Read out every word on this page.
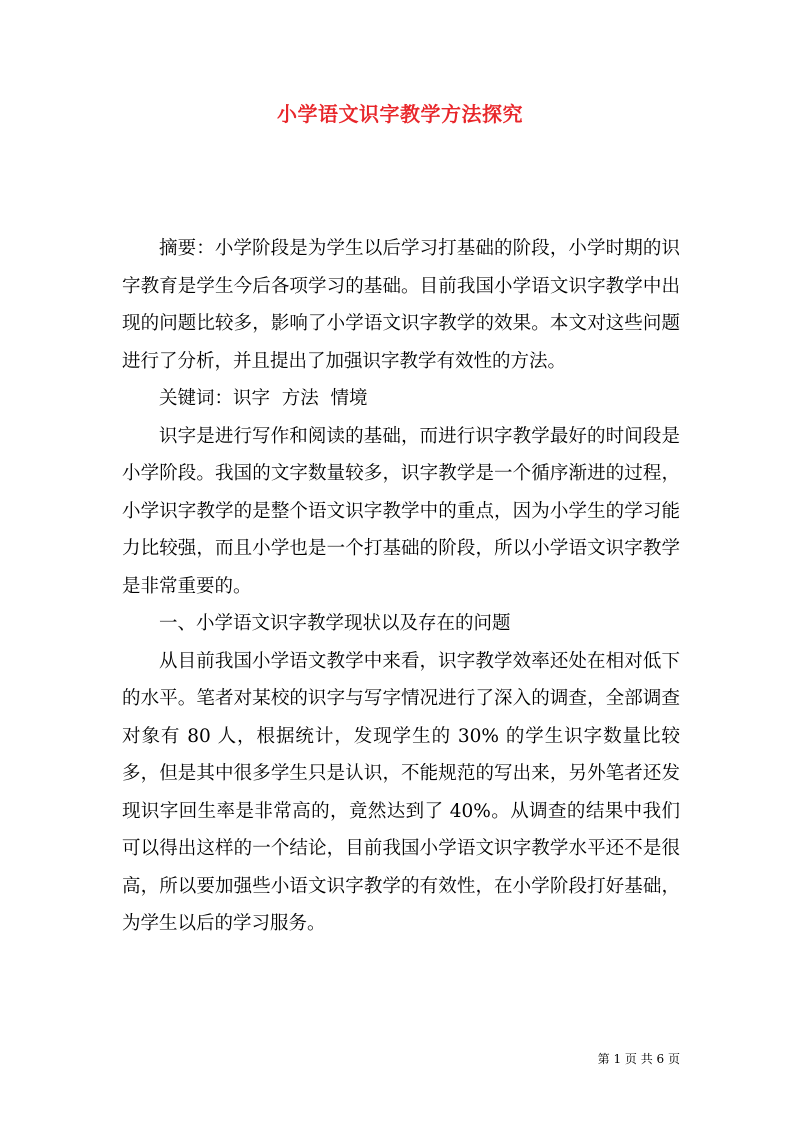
小学语文识字教学方法探究

摘要：小学阶段是为学生以后学习打基础的阶段，小学时期的识字教育是学生今后各项学习的基础。目前我国小学语文识字教学中出现的问题比较多，影响了小学语文识字教学的效果。本文对这些问题进行了分析，并且提出了加强识字教学有效性的方法。

关键词：识字  方法  情境

识字是进行写作和阅读的基础，而进行识字教学最好的时间段是小学阶段。我国的文字数量较多，识字教学是一个循序渐进的过程，小学识字教学的是整个语文识字教学中的重点，因为小学生的学习能力比较强，而且小学也是一个打基础的阶段，所以小学语文识字教学是非常重要的。

一、小学语文识字教学现状以及存在的问题

从目前我国小学语文教学中来看，识字教学效率还处在相对低下的水平。笔者对某校的识字与写字情况进行了深入的调查，全部调查对象有 80 人，根据统计，发现学生的 30% 的学生识字数量比较多，但是其中很多学生只是认识，不能规范的写出来，另外笔者还发现识字回生率是非常高的，竟然达到了 40%。从调查的结果中我们可以得出这样的一个结论，目前我国小学语文识字教学水平还不是很高，所以要加强些小语文识字教学的有效性，在小学阶段打好基础，为学生以后的学习服务。

第 1 页 共 6 页
